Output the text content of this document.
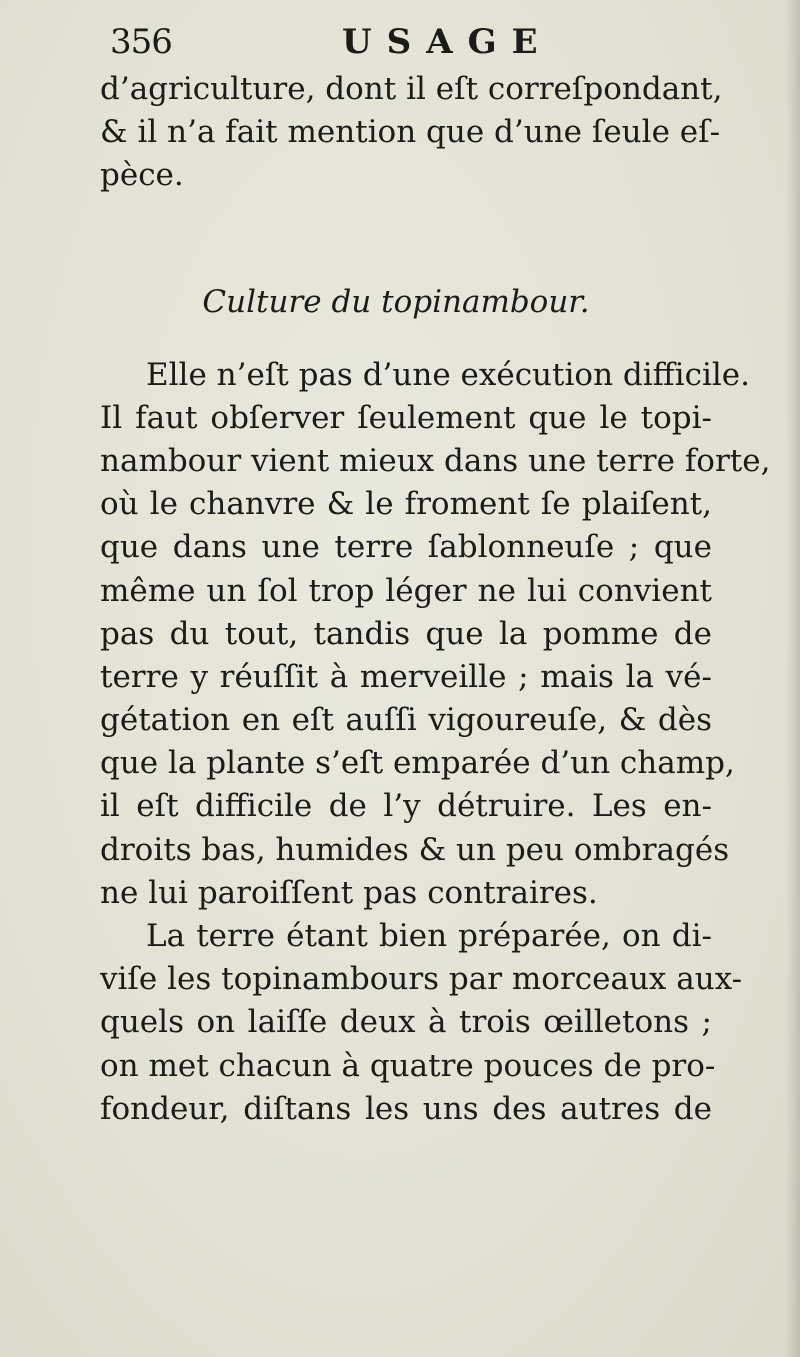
356	USAGE
d’agriculture, dont il eſt correſpondant,
& il n’a fait mention que d’une ſeule eſ-
pèce.
Culture du topinambour.
Elle n’eſt pas d’une exécution difficile.
Il faut obſerver ſeulement que le topi-
nambour vient mieux dans une terre forte,
où le chanvre & le froment ſe plaiſent,
que dans une terre ſablonneuſe ; que
même un ſol trop léger ne lui convient
pas du tout, tandis que la pomme de
terre y réuſſit à merveille ; mais la vé-
gétation en eſt auſſi vigoureuſe, & dès
que la plante s’eſt emparée d’un champ,
il eſt difficile de l’y détruire. Les en-
droits bas, humides & un peu ombragés
ne lui paroiſſent pas contraires.
La terre étant bien préparée, on di-
viſe les topinambours par morceaux aux-
quels on laiſſe deux à trois œilletons ;
on met chacun à quatre pouces de pro-
fondeur, diſtans les uns des autres de
